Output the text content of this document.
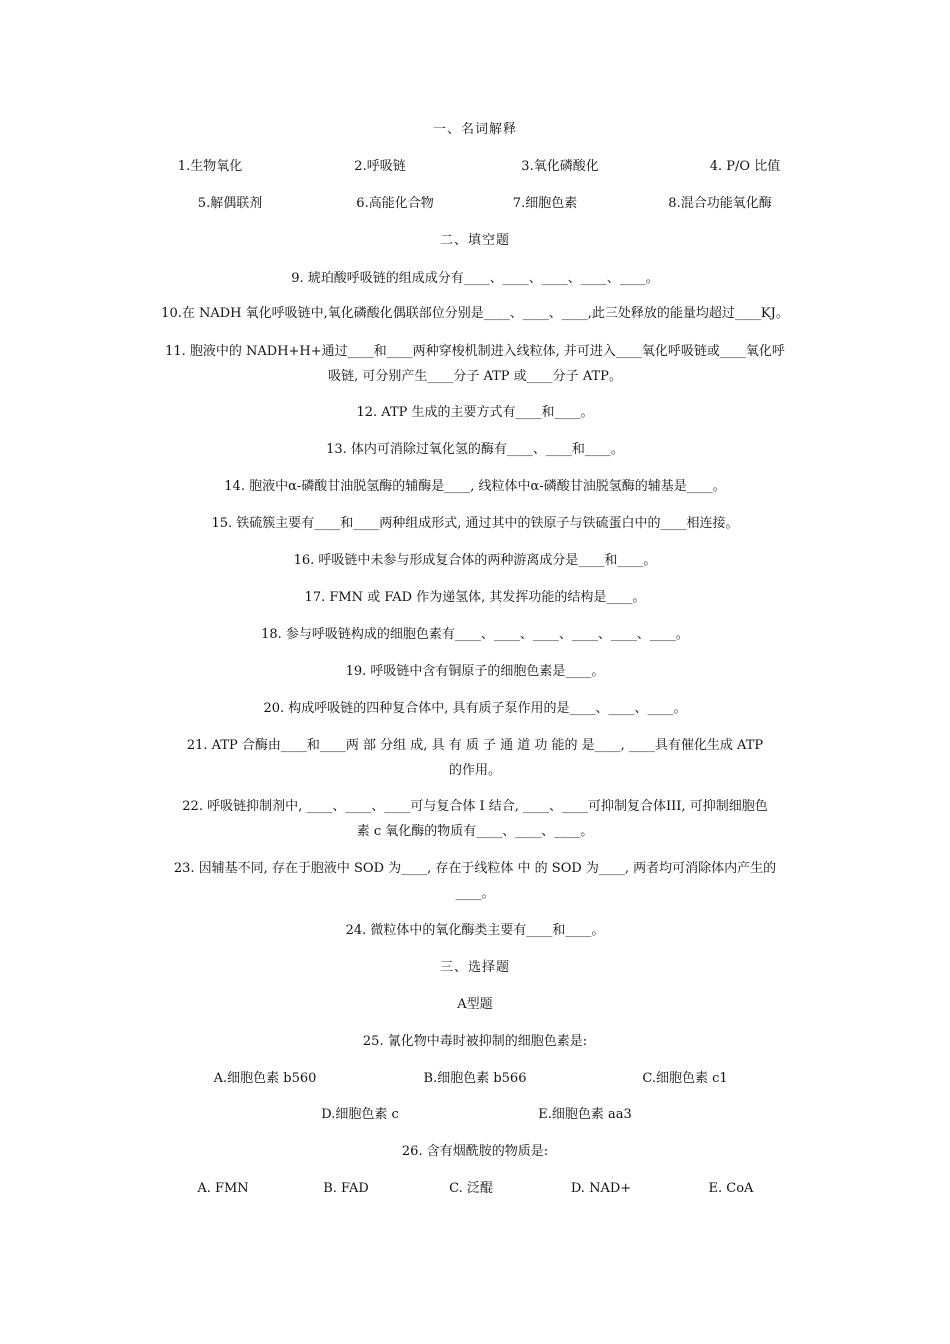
一、名词解释
1.生物氧化	2.呼吸链	3.氧化磷酸化	4. P/O 比值
5.解偶联剂	6.高能化合物	7.细胞色素	8.混合功能氧化酶
二、填空题
9. 琥珀酸呼吸链的组成成分有____、____、____、____、____。
10.在 NADH 氧化呼吸链中,氧化磷酸化偶联部位分别是____、____、____,此三处释放的能量均超过____KJ。
11. 胞液中的 NADH+H+通过____和____两种穿梭机制进入线粒体, 并可进入____氧化呼吸链或____氧化呼
吸链, 可分别产生____分子 ATP 或____分子 ATP。
12. ATP 生成的主要方式有____和____。
13. 体内可消除过氧化氢的酶有____、____和____。
14. 胞液中α-磷酸甘油脱氢酶的辅酶是____, 线粒体中α-磷酸甘油脱氢酶的辅基是____。
15. 铁硫簇主要有____和____两种组成形式, 通过其中的铁原子与铁硫蛋白中的____相连接。
16. 呼吸链中未参与形成复合体的两种游离成分是____和____。
17. FMN 或 FAD 作为递氢体, 其发挥功能的结构是____。
18. 参与呼吸链构成的细胞色素有____、____、____、____、____、____。
19. 呼吸链中含有铜原子的细胞色素是____。
20. 构成呼吸链的四种复合体中, 具有质子泵作用的是____、____、____。
21. ATP 合酶由____和____两 部 分组 成, 具 有 质 子 通 道 功 能的 是____, ____具有催化生成 ATP
的作用。
22. 呼吸链抑制剂中, ____、____、____可与复合体 I 结合, ____、____可抑制复合体III, 可抑制细胞色
素 c 氧化酶的物质有____、____、____。
23. 因辅基不同, 存在于胞液中 SOD 为____, 存在于线粒体 中 的 SOD 为____, 两者均可消除体内产生的
____。
24. 微粒体中的氧化酶类主要有____和____。
三、选择题
A型题
25. 氰化物中毒时被抑制的细胞色素是:
A.细胞色素 b560	B.细胞色素 b566	C.细胞色素 c1
D.细胞色素 c	E.细胞色素 aa3
26. 含有烟酰胺的物质是:
A. FMN	B. FAD	C. 泛醌	D. NAD+	E. CoA
